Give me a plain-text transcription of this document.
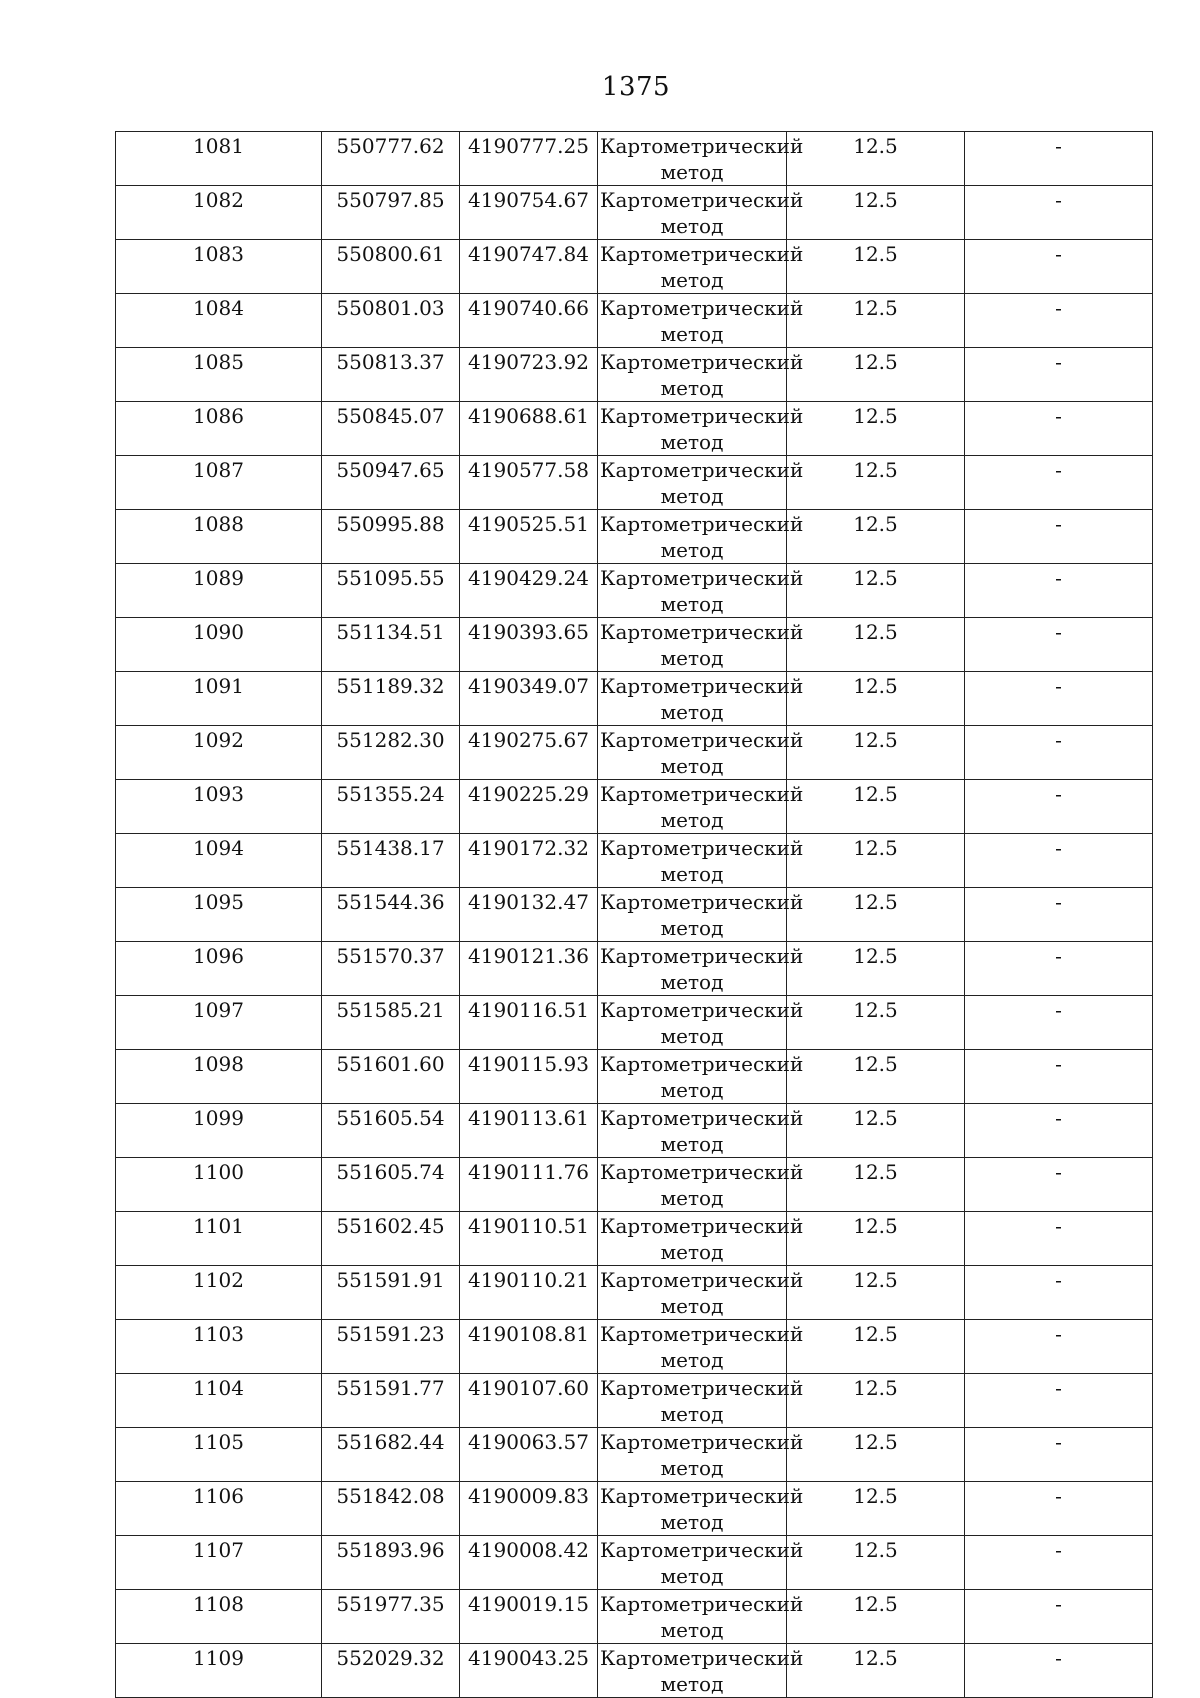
1375
1081	550777.62	4190777.25	Картометрический метод	12.5	-

1082	550797.85	4190754.67	Картометрический метод	12.5	-

1083	550800.61	4190747.84	Картометрический метод	12.5	-

1084	550801.03	4190740.66	Картометрический метод	12.5	-

1085	550813.37	4190723.92	Картометрический метод	12.5	-

1086	550845.07	4190688.61	Картометрический метод	12.5	-

1087	550947.65	4190577.58	Картометрический метод	12.5	-

1088	550995.88	4190525.51	Картометрический метод	12.5	-

1089	551095.55	4190429.24	Картометрический метод	12.5	-

1090	551134.51	4190393.65	Картометрический метод	12.5	-

1091	551189.32	4190349.07	Картометрический метод	12.5	-

1092	551282.30	4190275.67	Картометрический метод	12.5	-

1093	551355.24	4190225.29	Картометрический метод	12.5	-

1094	551438.17	4190172.32	Картометрический метод	12.5	-

1095	551544.36	4190132.47	Картометрический метод	12.5	-

1096	551570.37	4190121.36	Картометрический метод	12.5	-

1097	551585.21	4190116.51	Картометрический метод	12.5	-

1098	551601.60	4190115.93	Картометрический метод	12.5	-

1099	551605.54	4190113.61	Картометрический метод	12.5	-

1100	551605.74	4190111.76	Картометрический метод	12.5	-

1101	551602.45	4190110.51	Картометрический метод	12.5	-

1102	551591.91	4190110.21	Картометрический метод	12.5	-

1103	551591.23	4190108.81	Картометрический метод	12.5	-

1104	551591.77	4190107.60	Картометрический метод	12.5	-

1105	551682.44	4190063.57	Картометрический метод	12.5	-

1106	551842.08	4190009.83	Картометрический метод	12.5	-

1107	551893.96	4190008.42	Картометрический метод	12.5	-

1108	551977.35	4190019.15	Картометрический метод	12.5	-

1109	552029.32	4190043.25	Картометрический метод	12.5	-
